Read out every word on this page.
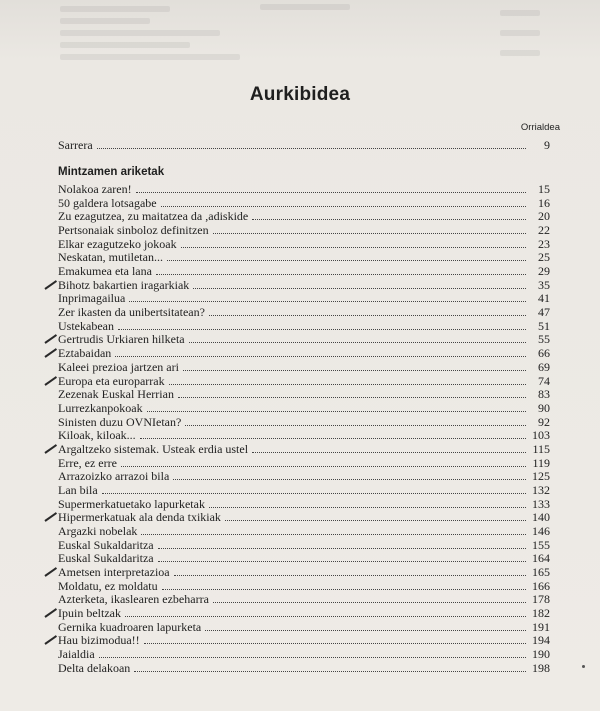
Aurkibidea
Orrialdea
Sarrera	9
Mintzamen ariketak
Nolakoa zaren!	15
50 galdera lotsagabe	16
Zu ezagutzea, zu maitatzea da ,adiskide	20
Pertsonaiak sinboloz definitzen	22
Elkar ezagutzeko jokoak	23
Neskatan, mutiletan...	25
Emakumea eta lana	29
Bihotz bakartien iragarkiak	35
Inprimagailua	41
Zer ikasten da unibertsitatean?	47
Ustekabean	51
Gertrudis Urkiaren hilketa	55
Eztabaidan	66
Kaleei prezioa jartzen ari	69
Europa eta europarrak	74
Zezenak Euskal Herrian	83
Lurrezkanpokoak	90
Sinisten duzu OVNIetan?	92
Kiloak, kiloak...	103
Argaltzeko sistemak. Usteak erdia ustel	115
Erre, ez erre	119
Arrazoizko arrazoi bila	125
Lan bila	132
Supermerkatuetako lapurketak	133
Hipermerkatuak ala denda txikiak	140
Argazki nobelak	146
Euskal Sukaldaritza	155
Euskal Sukaldaritza	164
Ametsen interpretazioa	165
Moldatu, ez moldatu	166
Azterketa, ikaslearen ezbeharra	178
Ipuin beltzak	182
Gernika kuadroaren lapurketa	191
Hau bizimodua!!	194
Jaialdia	190
Delta delakoan	198
